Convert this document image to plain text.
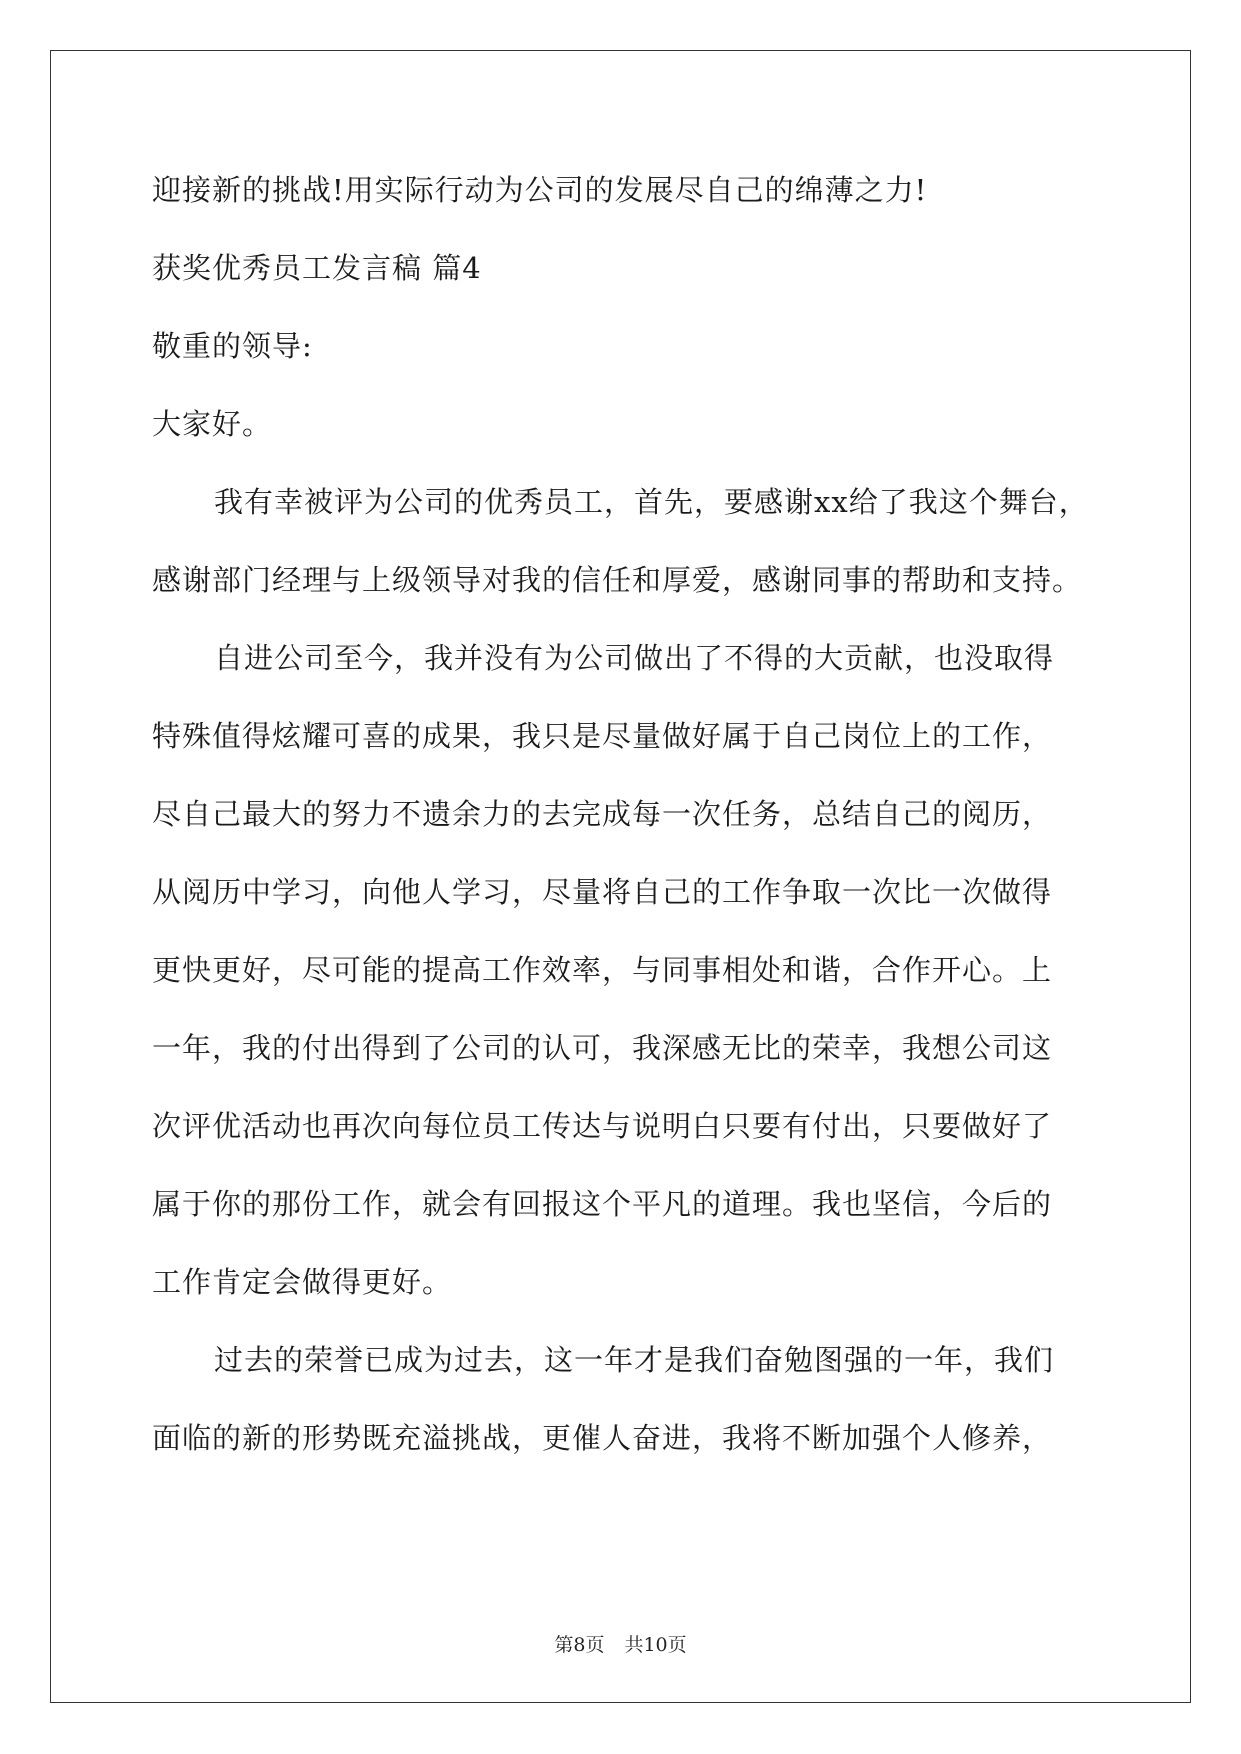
迎接新的挑战!用实际行动为公司的发展尽自己的绵薄之力!
获奖优秀员工发言稿 篇4
敬重的领导:
大家好。
我有幸被评为公司的优秀员工，首先，要感谢xx给了我这个舞台，
感谢部门经理与上级领导对我的信任和厚爱，感谢同事的帮助和支持。
自进公司至今，我并没有为公司做出了不得的大贡献，也没取得
特殊值得炫耀可喜的成果，我只是尽量做好属于自己岗位上的工作，
尽自己最大的努力不遗余力的去完成每一次任务，总结自己的阅历，
从阅历中学习，向他人学习，尽量将自己的工作争取一次比一次做得
更快更好，尽可能的提高工作效率，与同事相处和谐，合作开心。上
一年，我的付出得到了公司的认可，我深感无比的荣幸，我想公司这
次评优活动也再次向每位员工传达与说明白只要有付出，只要做好了
属于你的那份工作，就会有回报这个平凡的道理。我也坚信，今后的
工作肯定会做得更好。
过去的荣誉已成为过去，这一年才是我们奋勉图强的一年，我们
面临的新的形势既充溢挑战，更催人奋进，我将不断加强个人修养，
第8页 共10页
